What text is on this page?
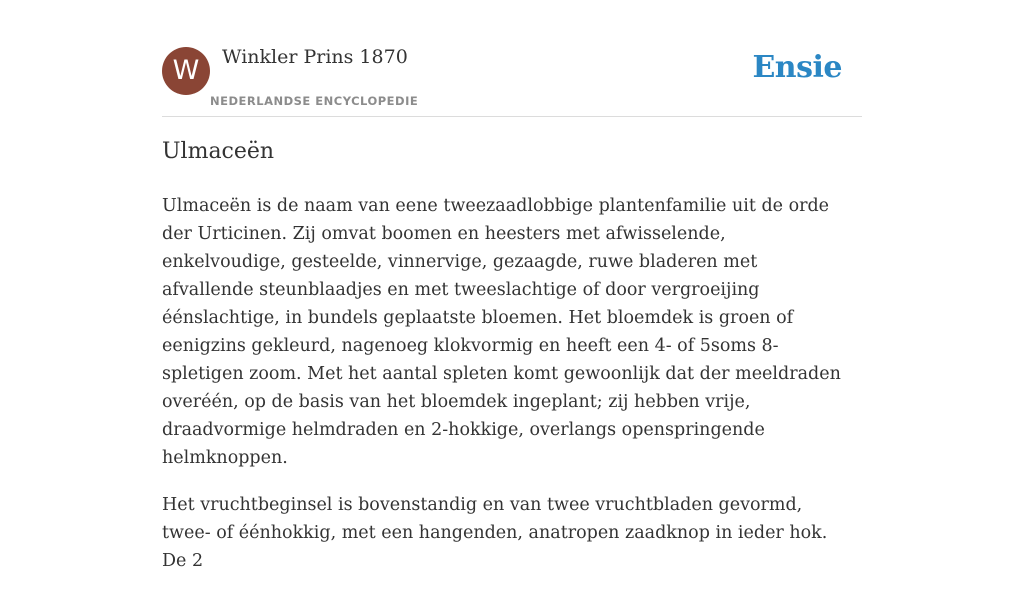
W	Winkler Prins 1870
NEDERLANDSE ENCYCLOPEDIE
Ensie
Ulmaceën

Ulmaceën is de naam van eene tweezaadlobbige plantenfamilie uit de orde der Urticinen. Zij omvat boomen en heesters met afwisselende, enkelvoudige, gesteelde, vinnervige, gezaagde, ruwe bladeren met afvallende steunblaadjes en met tweeslachtige of door vergroeijing éénslachtige, in bundels geplaatste bloemen. Het bloemdek is groen of eenigzins gekleurd, nagenoeg klokvormig en heeft een 4- of 5soms 8-spletigen zoom. Met het aantal spleten komt gewoonlijk dat der meeldraden overéén, op de basis van het bloemdek ingeplant; zij hebben vrije, draadvormige helmdraden en 2-hokkige, overlangs openspringende helmknoppen.

Het vruchtbeginsel is bovenstandig en van twee vruchtbladen gevormd, twee- of éénhokkig, met een hangenden, anatropen zaadknop in ieder hok. De 2
